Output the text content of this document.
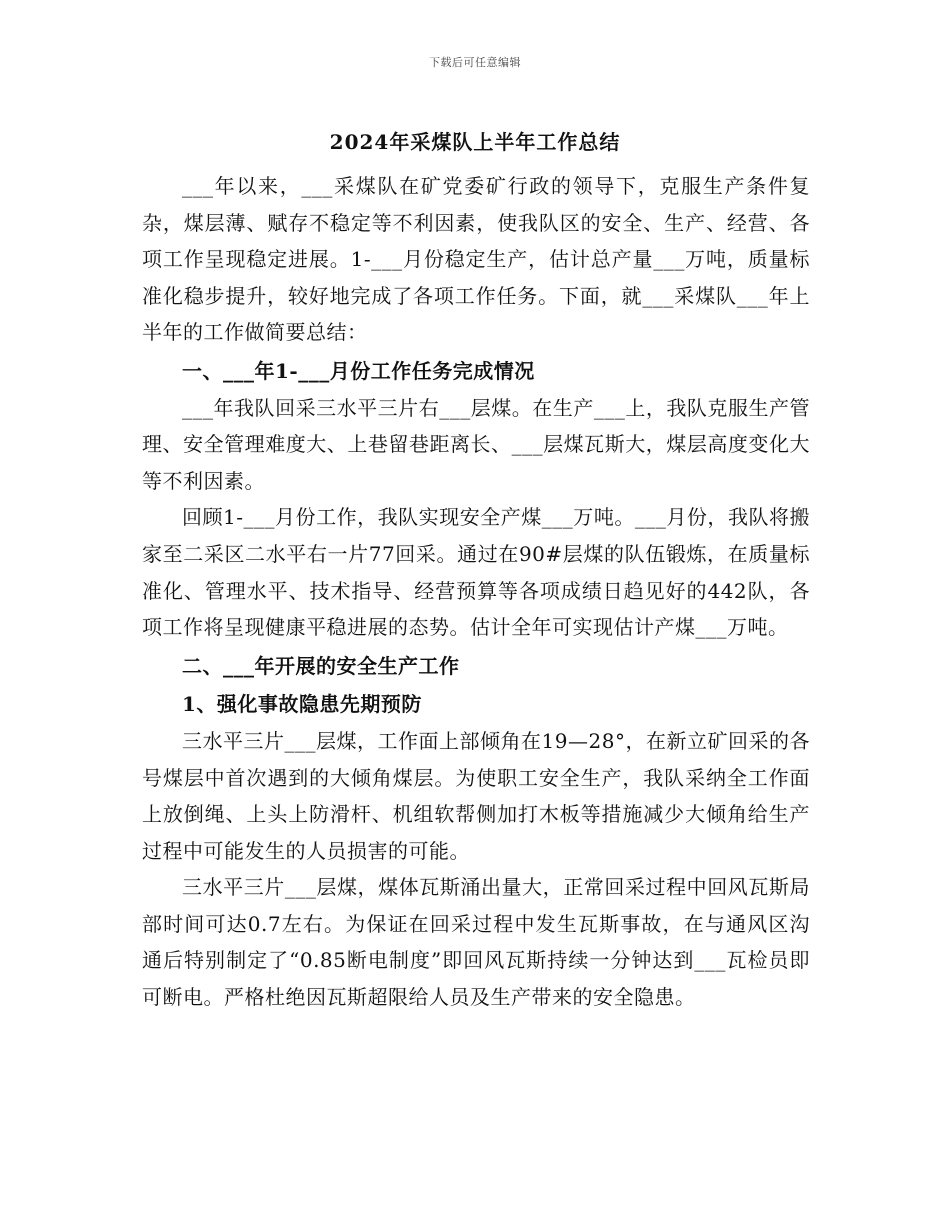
下载后可任意编辑
2024年采煤队上半年工作总结

___年以来，___采煤队在矿党委矿行政的领导下，克服生产条件复杂，煤层薄、赋存不稳定等不利因素，使我队区的安全、生产、经营、各项工作呈现稳定进展。1-___月份稳定生产，估计总产量___万吨，质量标准化稳步提升，较好地完成了各项工作任务。下面，就___采煤队___年上半年的工作做简要总结：

一、___年1-___月份工作任务完成情况

___年我队回采三水平三片右___层煤。在生产___上，我队克服生产管理、安全管理难度大、上巷留巷距离长、___层煤瓦斯大，煤层高度变化大等不利因素。

回顾1-___月份工作，我队实现安全产煤___万吨。___月份，我队将搬家至二采区二水平右一片77回采。通过在90#层煤的队伍锻炼，在质量标准化、管理水平、技术指导、经营预算等各项成绩日趋见好的442队，各项工作将呈现健康平稳进展的态势。估计全年可实现估计产煤___万吨。

二、___年开展的安全生产工作

1、强化事故隐患先期预防

三水平三片___层煤，工作面上部倾角在19—28°，在新立矿回采的各号煤层中首次遇到的大倾角煤层。为使职工安全生产，我队采纳全工作面上放倒绳、上头上防滑杆、机组软帮侧加打木板等措施减少大倾角给生产过程中可能发生的人员损害的可能。

三水平三片___层煤，煤体瓦斯涌出量大，正常回采过程中回风瓦斯局部时间可达0.7左右。为保证在回采过程中发生瓦斯事故，在与通风区沟通后特别制定了“0.85断电制度”即回风瓦斯持续一分钟达到___瓦检员即可断电。严格杜绝因瓦斯超限给人员及生产带来的安全隐患。
